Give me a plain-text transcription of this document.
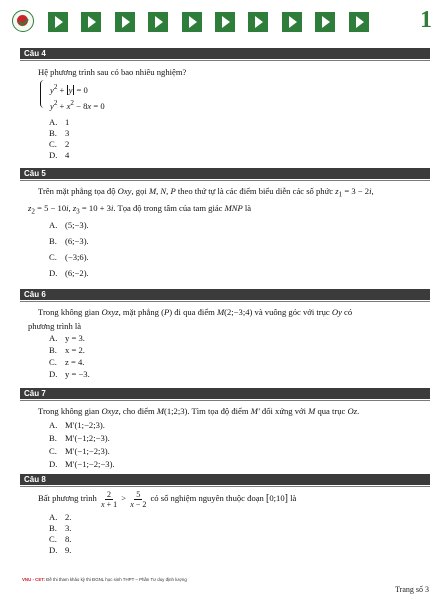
1
Câu 4
Hệ phương trình sau có bao nhiêu nghiệm?
$y^2 + y = 0$
$y^2 + x^2 - 8x = 0$
A. 1
B. 3
C. 2
D. 4
Câu 5
Trên mặt phẳng tọa độ Oxy, gọi M, N, P theo thứ tự là các điểm biểu diễn các số phức $z_1 = 3 - 2i$,
$z_2 = 5 - 10i$, $z_3 = 10 + 3i$. Tọa độ trong tâm của tam giác MNP là
A. (5;−3).
B. (6;−3).
C. (−3;6).
D. (6;−2).
Câu 6
Trong không gian Oxyz, mặt phẳng (P) đi qua điểm M(2;−3;4) và vuông góc với trục Oy có
phương trình là
A. y = 3.
B. x = 2.
C. z = 4.
D. y = −3.
Câu 7
Trong không gian Oxyz, cho điểm M(1;2;3). Tìm tọa độ điểm M′ đối xứng với M qua trục Oz.
A. M′(1;−2;3).
B. M′(−1;2;−3).
C. M′(−1;−2;3).
D. M′(−1;−2;−3).
Câu 8
Bất phương trình $\frac{2}{x + 1} > \frac{5}{x - 2}$ có số nghiệm nguyên thuộc đoạn [0;10] là
A. 2.
B. 3.
C. 8.
D. 9.
VNU - CET: Đề thi tham khảo kỳ thi ĐGNL học sinh THPT – Phần Tư duy định lượng
Trang số 3
